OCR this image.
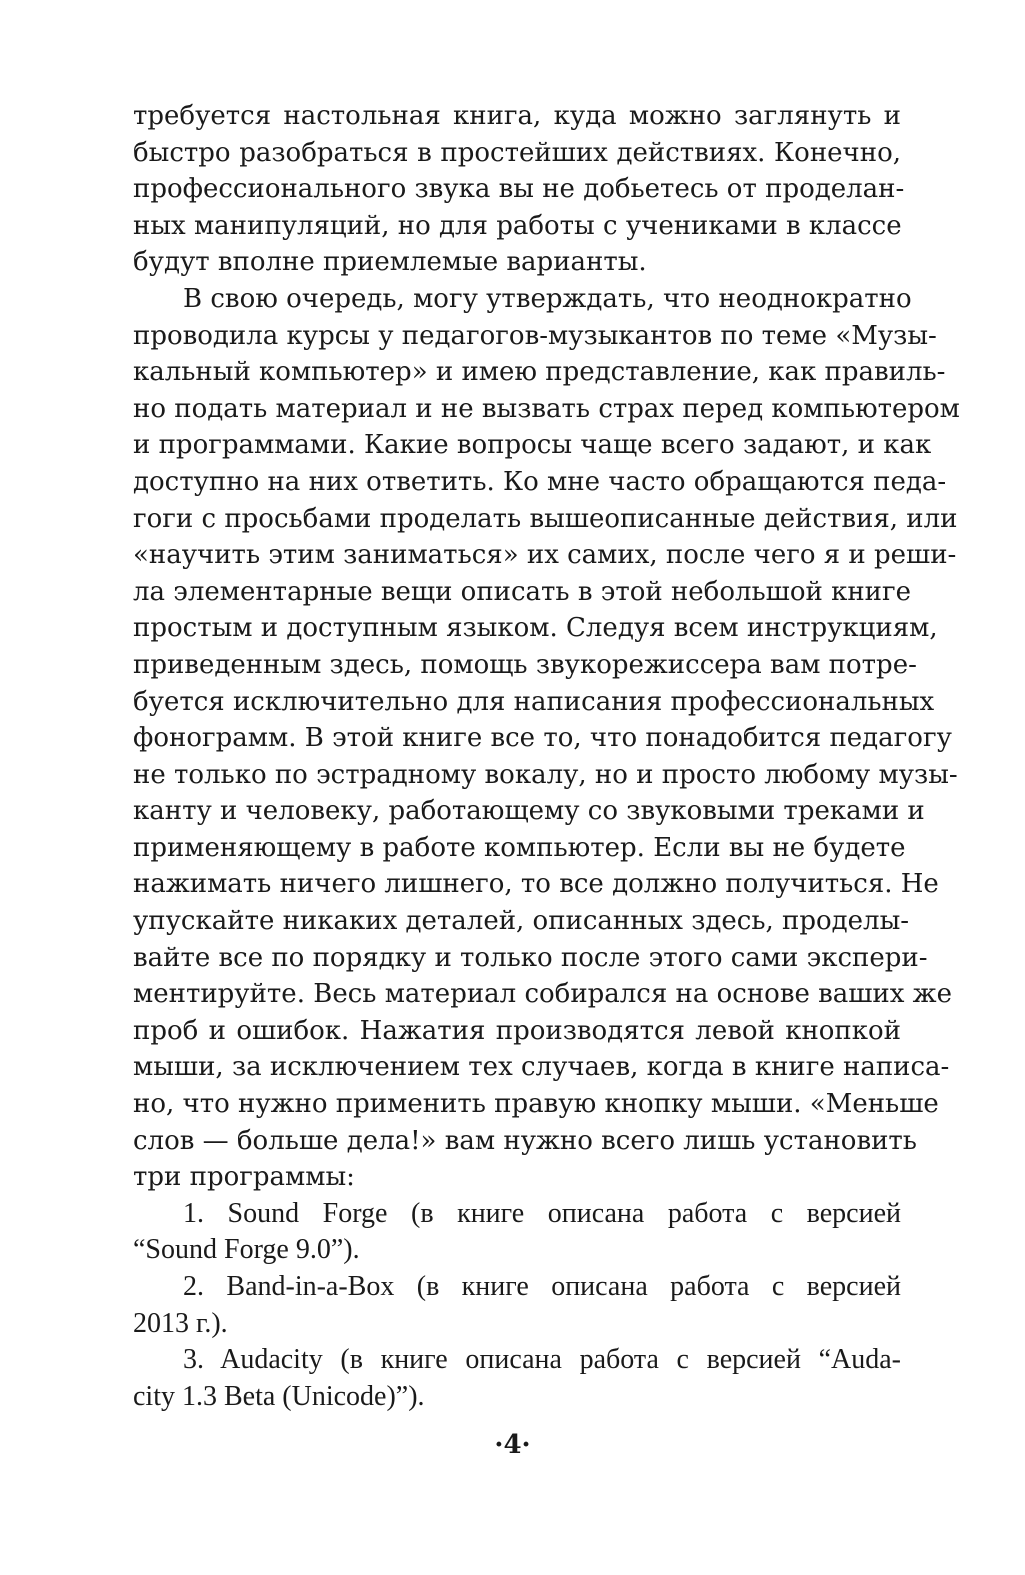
требуется настольная книга, куда можно заглянуть и
быстро разобраться в простейших действиях. Конечно,
профессионального звука вы не добьетесь от проделан-
ных манипуляций, но для работы с учениками в классе
будут вполне приемлемые варианты.
В свою очередь, могу утверждать, что неоднократно
проводила курсы у педагогов-музыкантов по теме «Музы-
кальный компьютер» и имею представление, как правиль-
но подать материал и не вызвать страх перед компьютером
и программами. Какие вопросы чаще всего задают, и как
доступно на них ответить. Ко мне часто обращаются педа-
гоги с просьбами проделать вышеописанные действия, или
«научить этим заниматься» их самих, после чего я и реши-
ла элементарные вещи описать в этой небольшой книге
простым и доступным языком. Следуя всем инструкциям,
приведенным здесь, помощь звукорежиссера вам потре-
буется исключительно для написания профессиональных
фонограмм. В этой книге все то, что понадобится педагогу
не только по эстрадному вокалу, но и просто любому музы-
канту и человеку, работающему со звуковыми треками и
применяющему в работе компьютер. Если вы не будете
нажимать ничего лишнего, то все должно получиться. Не
упускайте никаких деталей, описанных здесь, проделы-
вайте все по порядку и только после этого сами экспери-
ментируйте. Весь материал собирался на основе ваших же
проб и ошибок. Нажатия производятся левой кнопкой
мыши, за исключением тех случаев, когда в книге написа-
но, что нужно применить правую кнопку мыши. «Меньше
слов — больше дела!» вам нужно всего лишь установить
три программы:
1. Sound Forge (в книге описана работа с версией
“Sound Forge 9.0”).
2. Band-in-a-Box (в книге описана работа с версией
2013 г.).
3. Audacity (в книге описана работа с версией “Auda-
city 1.3 Beta (Unicode)”).
·4·
